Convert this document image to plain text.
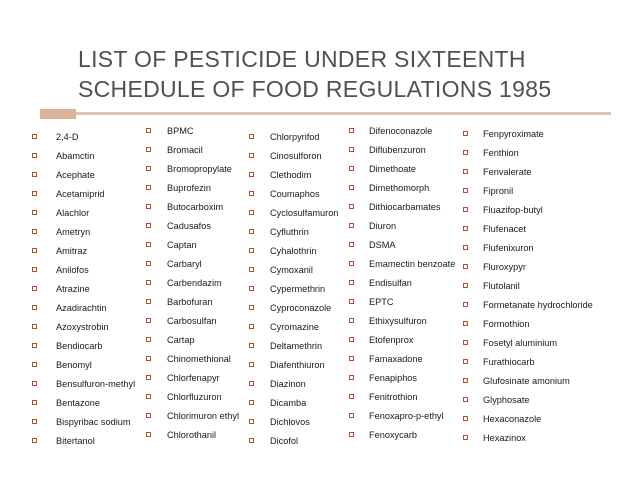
LIST OF PESTICIDE UNDER SIXTEENTH
SCHEDULE OF FOOD REGULATIONS 1985
2,4-D
Abamctin
Acephate
Acetamiprid
Alachlor
Ametryn
Amitraz
Anilofos
Atrazine
Azadirachtin
Azoxystrobin
Bendiocarb
Benomyl
Bensulfuron-methyl
Bentazone
Bispyribac sodium
Bitertanol
BPMC
Bromacil
Bromopropylate
Buprofezin
Butocarboxim
Cadusafos
Captan
Carbaryl
Carbendazim
Barbofuran
Carbosulfan
Cartap
Chinomethional
Chlorfenapyr
Chlorfluzuron
Chlorimuron ethyl
Chlorothanil
Chlorpyrifod
Cinosulforon
Clethodim
Coumaphos
Cyclosulfamuron
Cyfluthrin
Cyhalothrin
Cymoxanil
Cypermethrin
Cyproconazole
Cyromazine
Deltamethrin
Diafenthiuron
Diazinon
Dicamba
Dichlovos
Dicofol
Difenoconazole
Diflubenzuron
Dimethoate
Dimethomorph
Dithiocarbamates
Diuron
DSMA
Emamectin benzoate
Endisulfan
EPTC
Ethixysulfuron
Etofenprox
Famaxadone
Fenapiphos
Fenitrothion
Fenoxapro-p-ethyl
Fenoxycarb
Fenpyroximate
Fenthion
Fenvalerate
Fipronil
Fluazifop-butyl
Flufenacet
Flufenixuron
Fluroxypyr
Flutolanil
Formetanate hydrochloride
Formothion
Fosetyl aluminium
Furathiocarb
Glufosinate amonium
Glyphosate
Hexaconazole
Hexazinox
